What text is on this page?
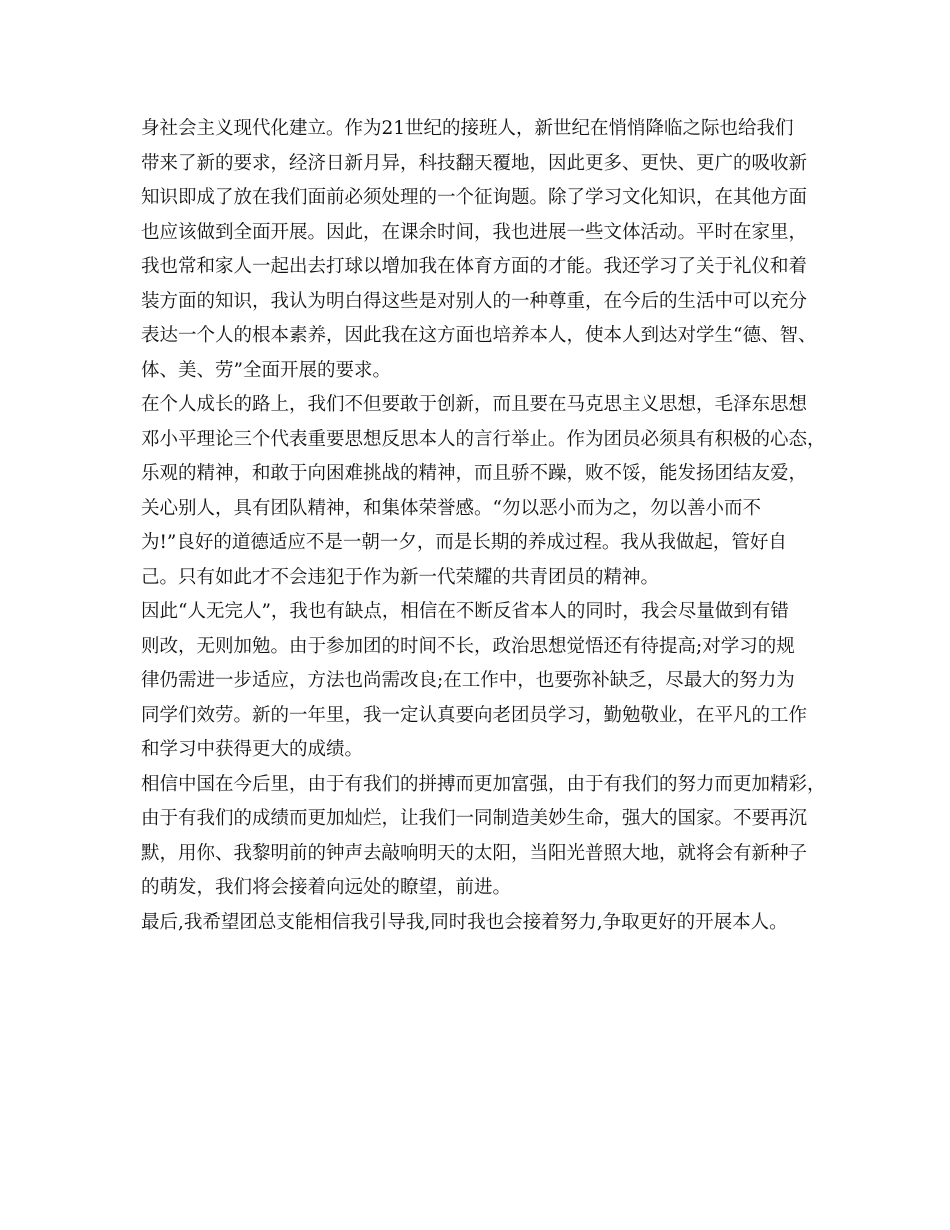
身社会主义现代化建立。作为21世纪的接班人，新世纪在悄悄降临之际也给我们
带来了新的要求，经济日新月异，科技翻天覆地，因此更多、更快、更广的吸收新
知识即成了放在我们面前必须处理的一个征询题。除了学习文化知识，在其他方面
也应该做到全面开展。因此，在课余时间，我也进展一些文体活动。平时在家里，
我也常和家人一起出去打球以增加我在体育方面的才能。我还学习了关于礼仪和着
装方面的知识，我认为明白得这些是对别人的一种尊重，在今后的生活中可以充分
表达一个人的根本素养，因此我在这方面也培养本人，使本人到达对学生“德、智、
体、美、劳”全面开展的要求。
在个人成长的路上，我们不但要敢于创新，而且要在马克思主义思想，毛泽东思想
邓小平理论三个代表重要思想反思本人的言行举止。作为团员必须具有积极的心态，
乐观的精神，和敢于向困难挑战的精神，而且骄不躁，败不馁，能发扬团结友爱，
关心别人，具有团队精神，和集体荣誉感。“勿以恶小而为之，勿以善小而不
为!”良好的道德适应不是一朝一夕，而是长期的养成过程。我从我做起，管好自
己。只有如此才不会违犯于作为新一代荣耀的共青团员的精神。
因此“人无完人”，我也有缺点，相信在不断反省本人的同时，我会尽量做到有错
则改，无则加勉。由于参加团的时间不长，政治思想觉悟还有待提高;对学习的规
律仍需进一步适应，方法也尚需改良;在工作中，也要弥补缺乏，尽最大的努力为
同学们效劳。新的一年里，我一定认真要向老团员学习，勤勉敬业，在平凡的工作
和学习中获得更大的成绩。
相信中国在今后里，由于有我们的拼搏而更加富强，由于有我们的努力而更加精彩，
由于有我们的成绩而更加灿烂，让我们一同制造美妙生命，强大的国家。不要再沉
默，用你、我黎明前的钟声去敲响明天的太阳，当阳光普照大地，就将会有新种子
的萌发，我们将会接着向远处的瞭望，前进。
最后,我希望团总支能相信我引导我,同时我也会接着努力,争取更好的开展本人。
